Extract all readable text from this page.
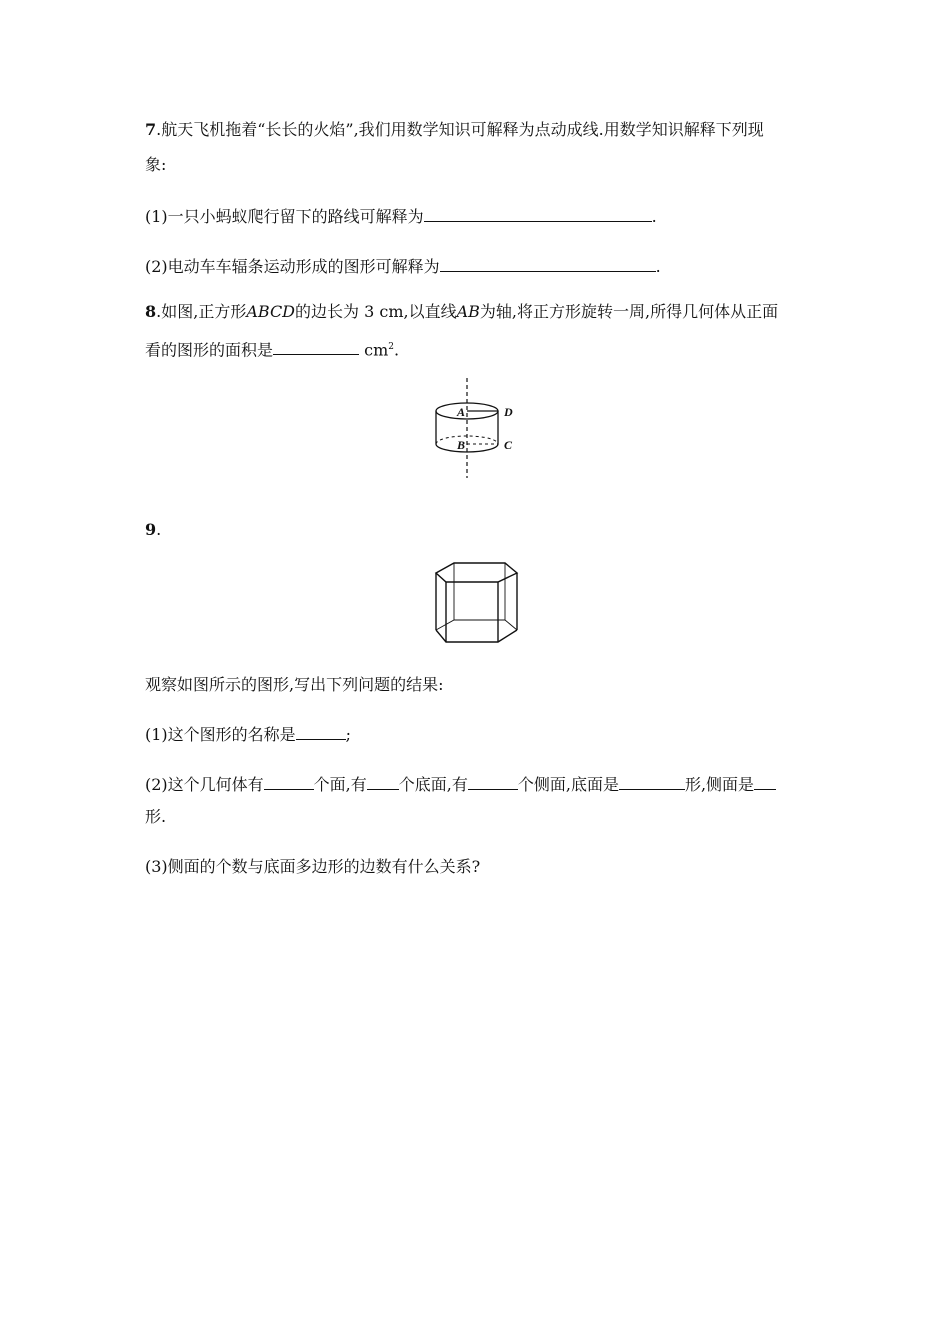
7.航天飞机拖着“长长的火焰”,我们用数学知识可解释为点动成线.用数学知识解释下列现
象:
(1)一只小蚂蚁爬行留下的路线可解释为	.
(2)电动车车辐条运动形成的图形可解释为	.
8.如图,正方形ABCD的边长为 3 cm,以直线AB为轴,将正方形旋转一周,所得几何体从正面
看的图形的面积是	$cm^2$.
A	D
B	C
9.
观察如图所示的图形,写出下列问题的结果:
(1)这个图形的名称是	;
(2)这个几何体有	个面,有 个底面,有	个侧面,底面是	形,侧面是
形.
(3)侧面的个数与底面多边形的边数有什么关系?
